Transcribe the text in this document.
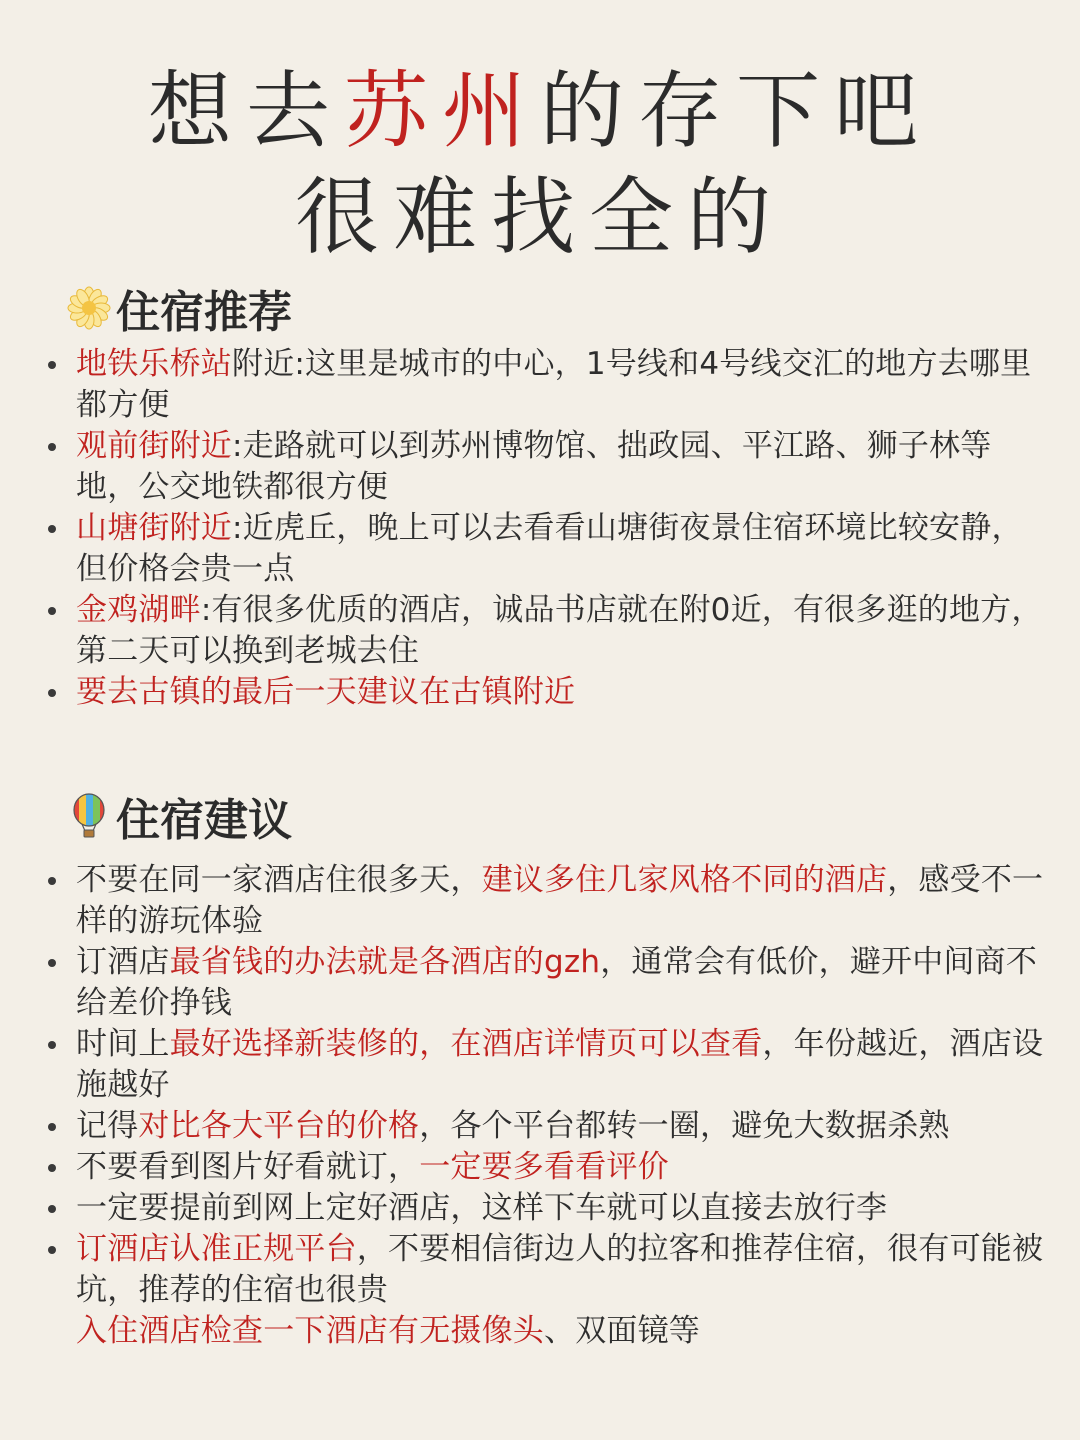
想去苏州的存下吧
很难找全的
住宿推荐
地铁乐桥站附近:这里是城市的中心，1号线和4号线交汇的地方去哪里都方便
观前街附近:走路就可以到苏州博物馆、拙政园、平江路、狮子林等地，公交地铁都很方便
山塘街附近:近虎丘，晚上可以去看看山塘街夜景住宿环境比较安静，但价格会贵一点
金鸡湖畔:有很多优质的酒店，诚品书店就在附0近，有很多逛的地方，第二天可以换到老城去住
要去古镇的最后一天建议在古镇附近
住宿建议
不要在同一家酒店住很多天，建议多住几家风格不同的酒店，感受不一样的游玩体验
订酒店最省钱的办法就是各酒店的gzh，通常会有低价，避开中间商不给差价挣钱
时间上最好选择新装修的，在酒店详情页可以查看，年份越近，酒店设施越好
记得对比各大平台的价格，各个平台都转一圈，避免大数据杀熟
不要看到图片好看就订，一定要多看看评价
一定要提前到网上定好酒店，这样下车就可以直接去放行李
订酒店认准正规平台，不要相信街边人的拉客和推荐住宿，很有可能被坑，推荐的住宿也很贵
入住酒店检查一下酒店有无摄像头、双面镜等
